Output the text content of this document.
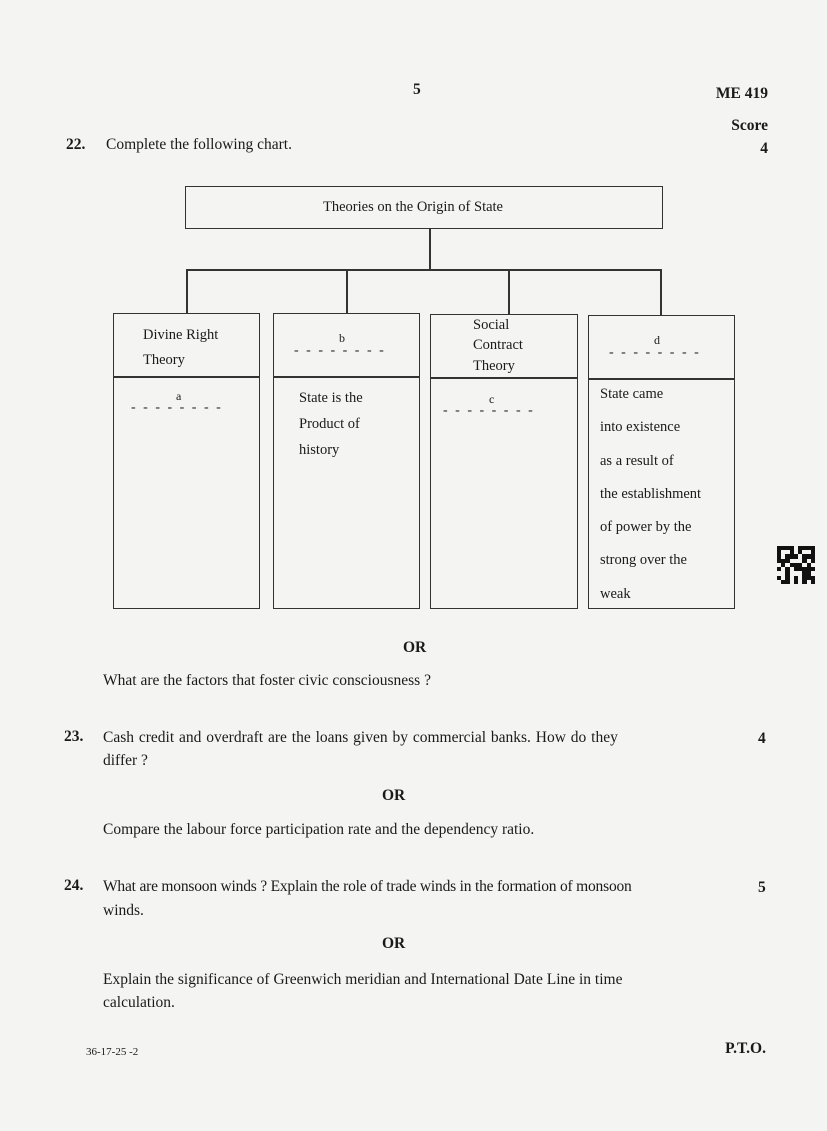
5	ME 419
Score
22. Complete the following chart.	4
Theories on the Origin of State
Divine Right
Theory
a
- - - - - - - -
b
- - - - - - - -
State is the
Product of
history
Social
Contract
Theory
c
- - - - - - - -
d
- - - - - - - -
State came
into existence
as a result of
the establishment
of power by the
strong over the
weak
OR
What are the factors that foster civic consciousness ?
23. Cash credit and overdraft are the loans given by commercial banks. How do they
differ ?
4
OR
Compare the labour force participation rate and the dependency ratio.
24. What are monsoon winds ? Explain the role of trade winds in the formation of monsoon
winds.
5
OR
Explain the significance of Greenwich meridian and International Date Line in time
calculation.
36-17-25 -2	P.T.O.
